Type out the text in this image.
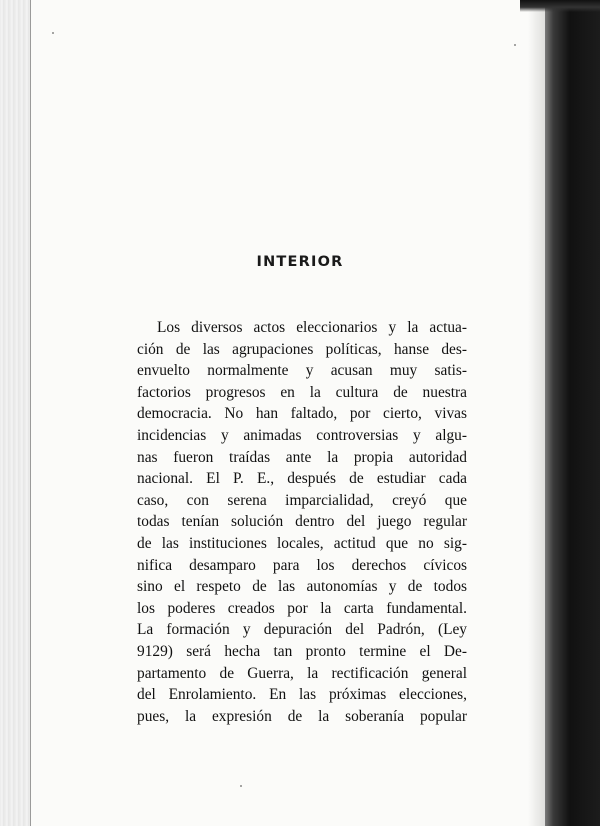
INTERIOR
Los diversos actos eleccionarios y la actua-
ción de las agrupaciones políticas, hanse des-
envuelto normalmente y acusan muy satis-
factorios progresos en la cultura de nuestra
democracia. No han faltado, por cierto, vivas
incidencias y animadas controversias y algu-
nas fueron traídas ante la propia autoridad
nacional. El P. E., después de estudiar cada
caso, con serena imparcialidad, creyó que
todas tenían solución dentro del juego regular
de las instituciones locales, actitud que no sig-
nifica desamparo para los derechos cívicos
sino el respeto de las autonomías y de todos
los poderes creados por la carta fundamental.
La formación y depuración del Padrón, (Ley
9129) será hecha tan pronto termine el De-
partamento de Guerra, la rectificación general
del Enrolamiento. En las próximas elecciones,
pues, la expresión de la soberanía popular
